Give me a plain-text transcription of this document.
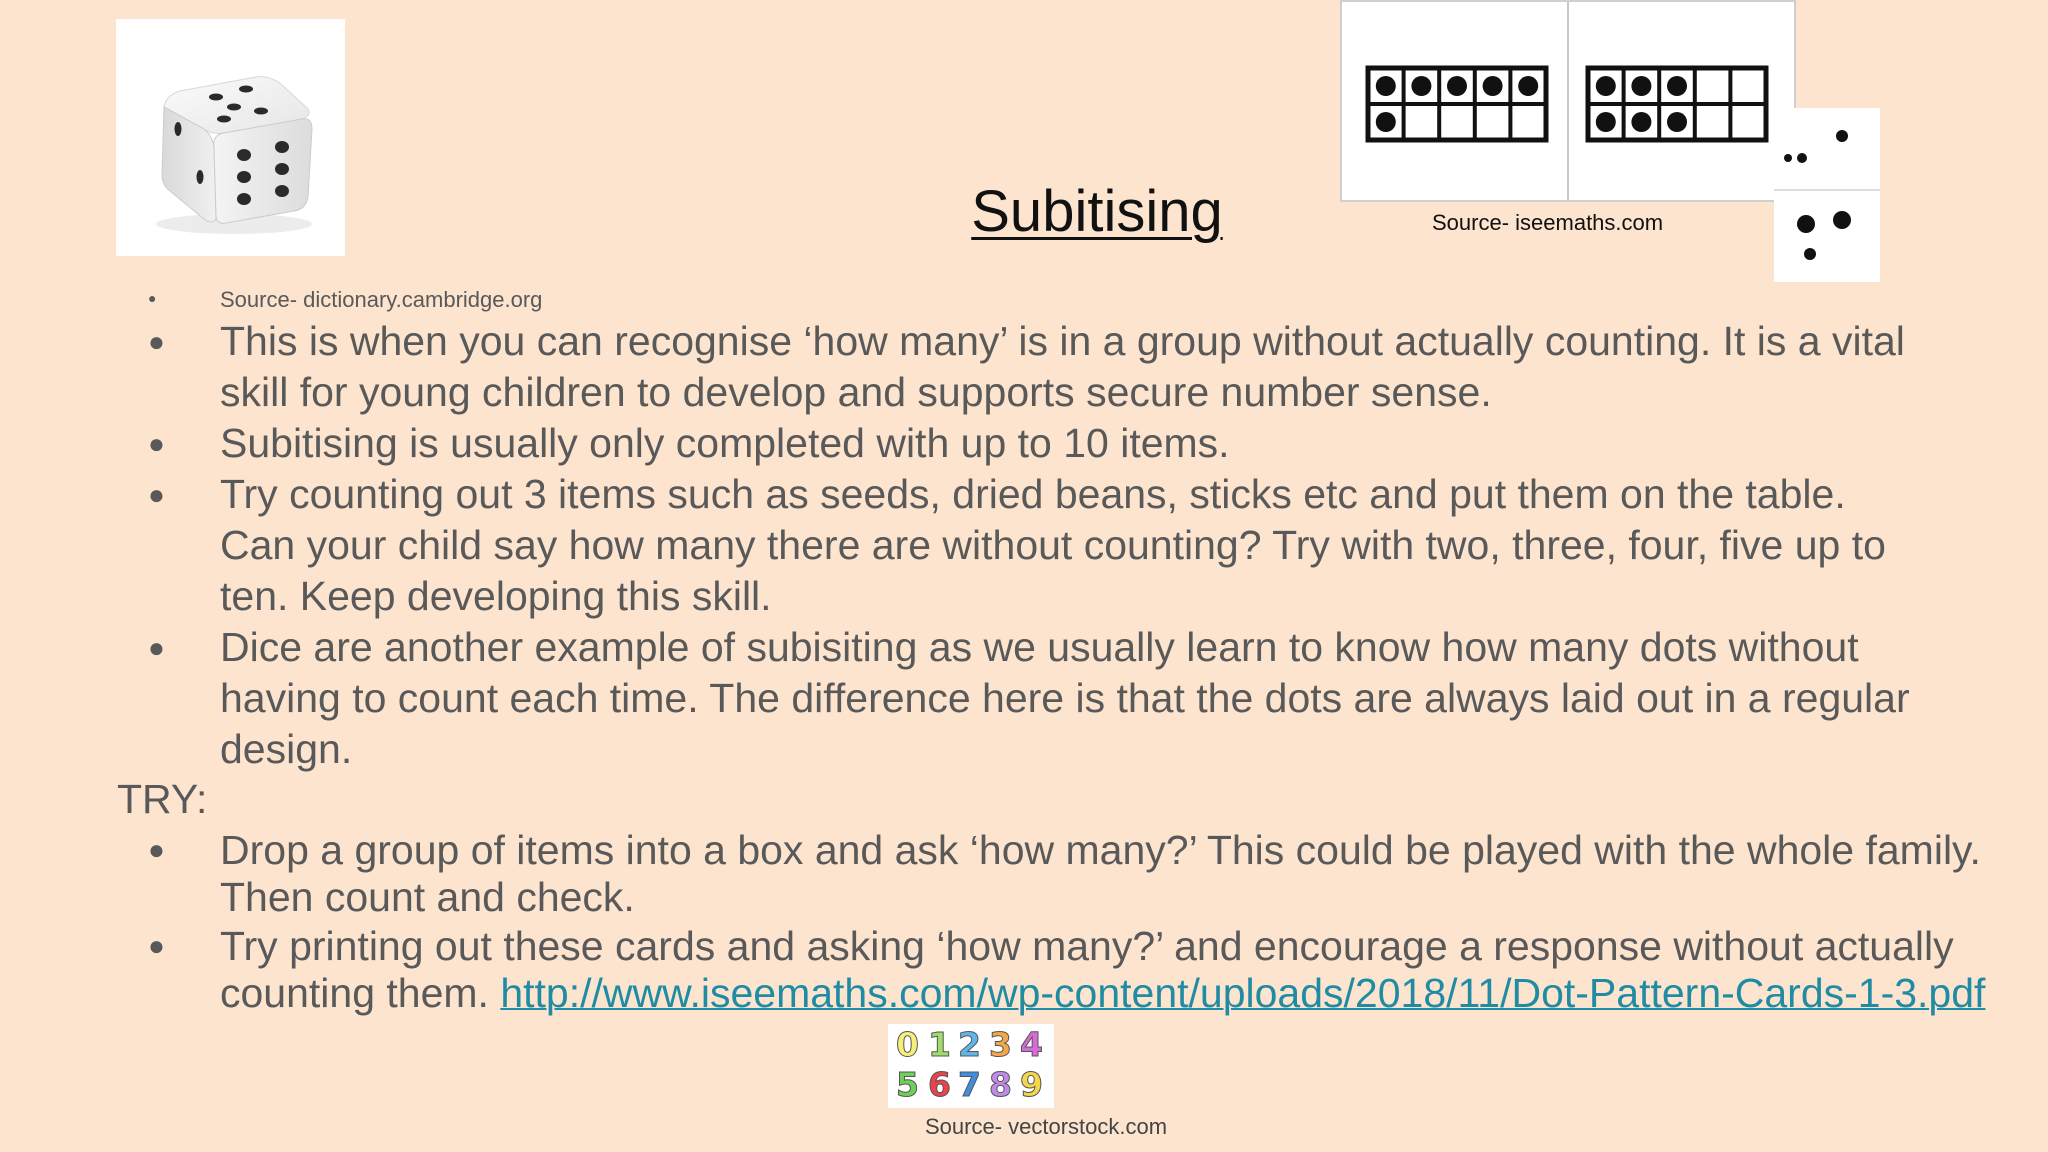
Source- iseemaths.com
Subitising
●	Source- dictionary.cambridge.org
● This is when you can recognise ‘how many’ is in a group without actually counting. It is a vital
skill for young children to develop and supports secure number sense.
● Subitising is usually only completed with up to 10 items.
● Try counting out 3 items such as seeds, dried beans, sticks etc and put them on the table.
Can your child say how many there are without counting? Try with two, three, four, five up to
ten. Keep developing this skill.
● Dice are another example of subisiting as we usually learn to know how many dots without
having to count each time. The difference here is that the dots are always laid out in a regular
design.
TRY:
● Drop a group of items into a box and ask ‘how many?’ This could be played with the whole family.
Then count and check.
● Try printing out these cards and asking ‘how many?’ and encourage a response without actually
counting them. http://www.iseemaths.com/wp-content/uploads/2018/11/Dot-Pattern-Cards-1-3.pdf
0 1 2 3 4
5 6 7 8 9
Source- vectorstock.com
